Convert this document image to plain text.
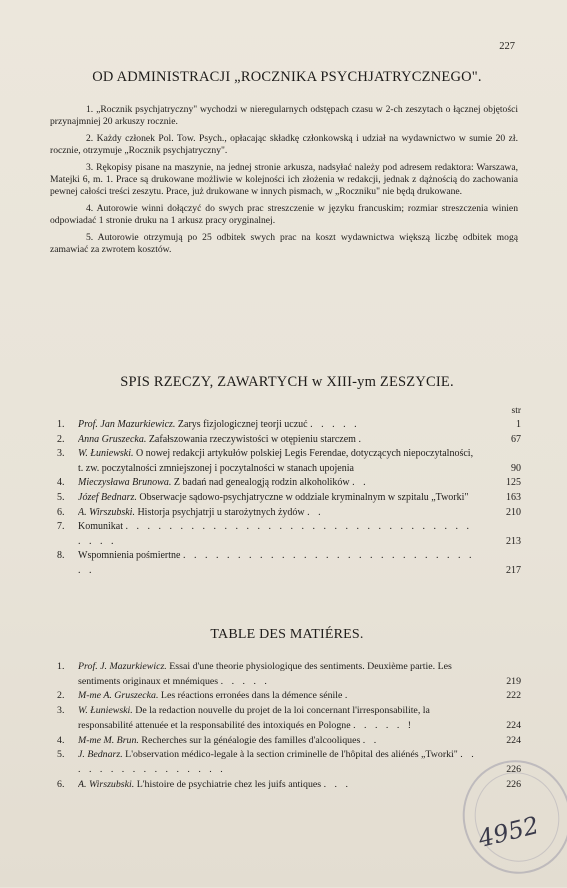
227
OD ADMINISTRACJI „ROCZNIKA PSYCHJATRYCZNEGO".

1. „Rocznik psychjatryczny" wychodzi w nieregularnych odstępach czasu w 2-ch zeszytach o łącznej objętości przynajmniej 20 arkuszy rocznie.

2. Każdy członek Pol. Tow. Psych., opłacając składkę członkowską i udział na wydawnictwo w sumie 20 zł. rocznie, otrzymuje „Rocznik psychjatryczny".

3. Rękopisy pisane na maszynie, na jednej stronie arkusza, nadsyłać należy pod adresem redaktora: Warszawa, Matejki 6, m. 1. Prace są drukowane możliwie w kolejności ich złożenia w redakcji, jednak z dążnością do zachowania pewnej całości treści zeszytu. Prace, już drukowane w innych pismach, w „Roczniku" nie będą drukowane.

4. Autorowie winni dołączyć do swych prac streszczenie w języku francuskim; rozmiar streszczenia winien odpowiadać 1 stronie druku na 1 arkusz pracy oryginalnej.

5. Autorowie otrzymują po 25 odbitek swych prac na koszt wydawnictwa większą liczbę odbitek mogą zamawiać za zwrotem kosztów.

SPIS RZECZY, ZAWARTYCH w XIII-ym ZESZYCIE.
str
1.	Prof. Jan Mazurkiewicz. Zarys fizjologicznej teorji uczuć . . . . .	1
2.	Anna Gruszecka. Zafałszowania rzeczywistości w otępieniu starczem .	67
3.	W. Łuniewski. O nowej redakcji artykułów polskiej Legis Ferendae, dotyczących niepoczytalności, t. zw. poczytalności zmniejszonej i poczytalności w stanach upojenia	90
4.	Mieczysława Brunowa. Z badań nad genealogją rodzin alkoholików . .	125
5.	Józef Bednarz. Obserwacje sądowo-psychjatryczne w oddziale kryminalnym w szpitalu „Tworki"	163
6.	A. Wirszubski. Historja psychjatrji u starożytnych żydów . .	210
7.	Komunikat . . . . . . . . . . . . . . . . . . . . . . . . . . . . . . . . . . . .	213
8.	Wspomnienia pośmiertne . . . . . . . . . . . . . . . . . . . . . . . . . . . . .	217
TABLE DES MATIÉRES.
1.	Prof. J. Mazurkiewicz. Essai d'une theorie physiologique des sentiments. Deuxième partie. Les sentiments originaux et mnémiques . . . . .	219
2.	M-me A. Gruszecka. Les réactions erronées dans la démence sénile .	222
3.	W. Łuniewski. De la redaction nouvelle du projet de la loi concernant l'irresponsabilite, la responsabilité attenuée et la responsabilité des intoxiqués en Pologne . . . . . !	224
4.	M-me M. Brun. Recherches sur la généalogie des familles d'alcooliques . .	224
5.	J. Bednarz. L'observation médico-legale à la section criminelle de l'hôpital des aliénés „Tworki" . . . . . . . . . . . . . . . .	226
6.	A. Wirszubski. L'histoire de psychiatrie chez les juifs antiques . . .	226
4952
